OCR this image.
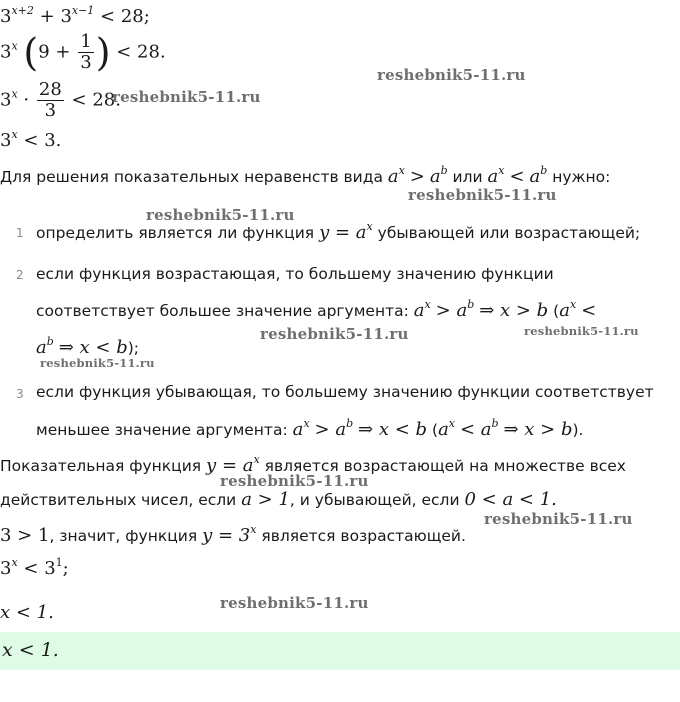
$3^{x+2} + 3^{x-1} < 28$;
3$^x$ ($9 + \frac{1}{3}$ ) < 28.
$3^x \cdot \frac{28}{3} < 28$.
$3^x < 3$.
Для решения показательных неравенств вида $a^x > a^b$ или $a^x < a^b$ нужно:
1 определить является ли функция $y = a^x$ убывающей или возрастающей;
2 если функция возрастающая, то большему значению функции
соответствует большее значение аргумента: $a^x > a^b$ ⇒ x > b ($a^x$ <
$a^b$ ⇒ x < b);
3 если функция убывающая, то большему значению функции соответствует
меньшее значение аргумента: $a^x > a^b$ ⇒ x < b ($a^x < a^b$ ⇒ x > b).
Показательная функция $y = a^x$ является возрастающей на множестве всех
действительных чисел, если a > 1, и убывающей, если 0 < a < 1.
3 > 1, значит, функция $y = 3^x$ является возрастающей.
$3^x < 3^1$;
x < 1.
x < 1.
reshebnik5-11.ru
reshebnik5-11.ru
reshebnik5-11.ru
reshebnik5-11.ru
reshebnik5-11.ru	reshebnik5-11.ru
reshebnik5-11.ru
reshebnik5-11.ru
reshebnik5-11.ru
reshebnik5-11.ru
